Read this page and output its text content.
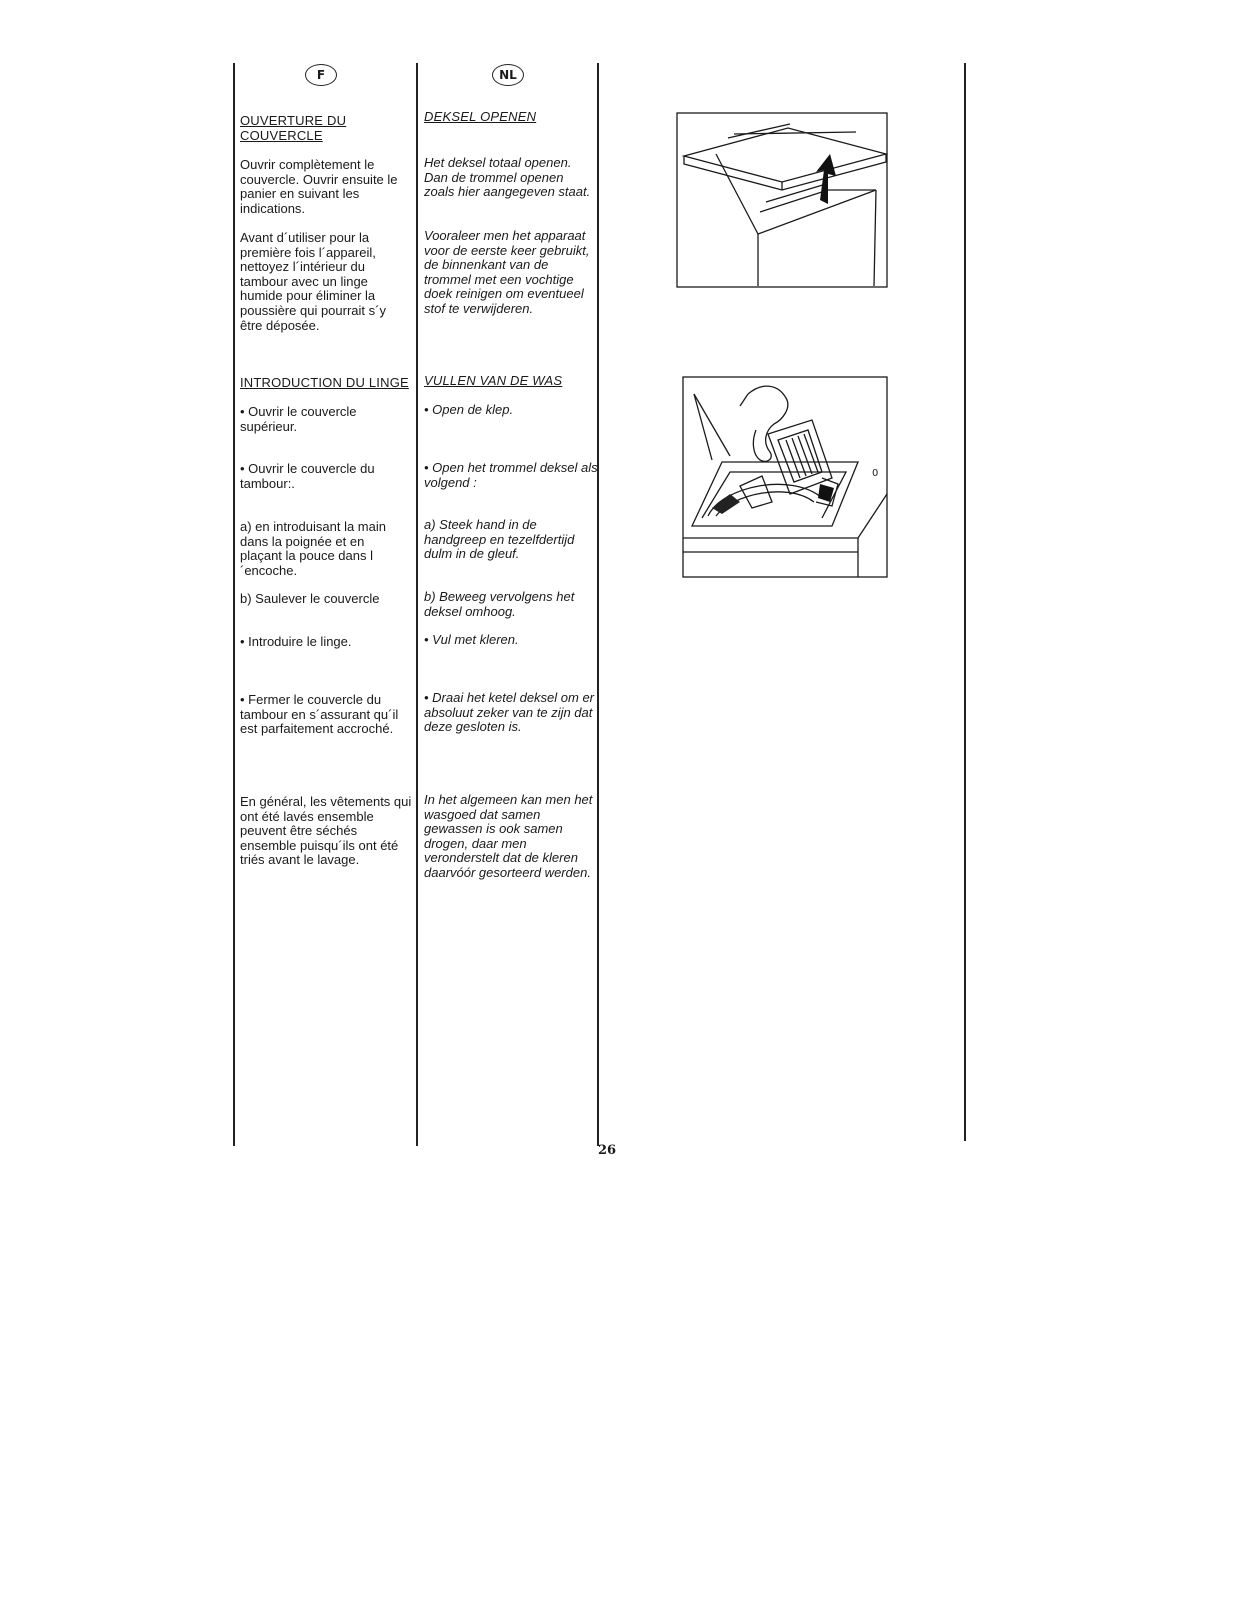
F	NL

OUVERTURE DU COUVERCLE

Ouvrir complètement le couvercle. Ouvrir ensuite le panier en suivant les indications.

Avant d´utiliser pour la première fois l´appareil, nettoyez l´intérieur du tambour avec un linge humide pour éliminer la poussière qui pourrait s´y être déposée.

INTRODUCTION DU LINGE

• Ouvrir le couvercle supérieur.

• Ouvrir le couvercle du tambour:.

a) en introduisant la main dans la poignée et en plaçant la pouce dans l´encoche.

b) Saulever le couvercle

• Introduire le linge.

• Fermer le couvercle du tambour en s´assurant qu´il est parfaitement accroché.

En général, les vêtements qui ont été lavés ensemble peuvent être séchés ensemble puisqu´ils ont été triés avant le lavage.

DEKSEL OPENEN

Het deksel totaal openen. Dan de trommel openen zoals hier aangegeven staat.

Vooraleer men het apparaat voor de eerste keer gebruikt, de binnenkant van de trommel met een vochtige doek reinigen om eventueel stof te verwijderen.

VULLEN VAN DE WAS

• Open de klep.

• Open het trommel deksel als volgend :

a) Steek hand in de handgreep en tezelfdertijd dulm in de gleuf.

b) Beweeg vervolgens het deksel omhoog.

• Vul met kleren.

• Draai het ketel deksel om er absoluut zeker van te zijn dat deze gesloten is.

In het algemeen kan men het wasgoed dat samen gewassen is ook samen drogen, daar men veronderstelt dat de kleren daarvóór gesorteerd werden.

0
26
